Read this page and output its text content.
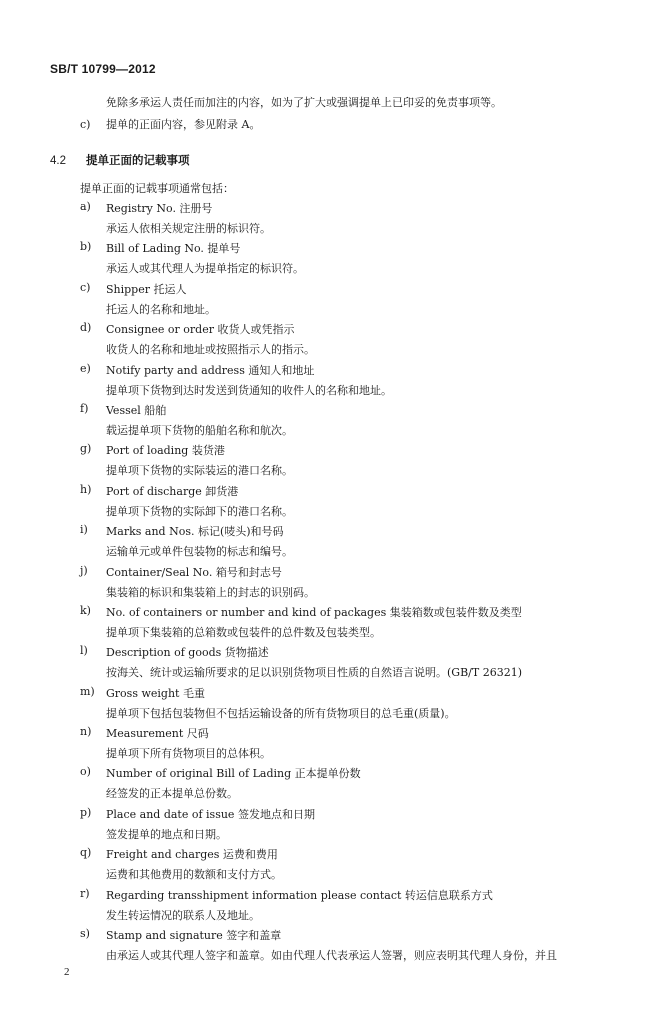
SB/T 10799—2012
免除多承运人责任而加注的内容，如为了扩大或强调提单上已印妥的免责事项等。
c) 提单的正面内容，参见附录 A。
4.2 提单正面的记载事项
提单正面的记载事项通常包括：
a) Registry No. 注册号
承运人依相关规定注册的标识符。
b) Bill of Lading No. 提单号
承运人或其代理人为提单指定的标识符。
c) Shipper 托运人
托运人的名称和地址。
d) Consignee or order 收货人或凭指示
收货人的名称和地址或按照指示人的指示。
e) Notify party and address 通知人和地址
提单项下货物到达时发送到货通知的收件人的名称和地址。
f) Vessel 船舶
载运提单项下货物的船舶名称和航次。
g) Port of loading 装货港
提单项下货物的实际装运的港口名称。
h) Port of discharge 卸货港
提单项下货物的实际卸下的港口名称。
i) Marks and Nos. 标记(唛头)和号码
运输单元或单件包装物的标志和编号。
j) Container/Seal No. 箱号和封志号
集装箱的标识和集装箱上的封志的识别码。
k) No. of containers or number and kind of packages 集装箱数或包装件数及类型
提单项下集装箱的总箱数或包装件的总件数及包装类型。
l) Description of goods 货物描述
按海关、统计或运输所要求的足以识别货物项目性质的自然语言说明。(GB/T 26321)
m) Gross weight 毛重
提单项下包括包装物但不包括运输设备的所有货物项目的总毛重(质量)。
n) Measurement 尺码
提单项下所有货物项目的总体积。
o) Number of original Bill of Lading 正本提单份数
经签发的正本提单总份数。
p) Place and date of issue 签发地点和日期
签发提单的地点和日期。
q) Freight and charges 运费和费用
运费和其他费用的数额和支付方式。
r) Regarding transshipment information please contact 转运信息联系方式
发生转运情况的联系人及地址。
s) Stamp and signature 签字和盖章
由承运人或其代理人签字和盖章。如由代理人代表承运人签署，则应表明其代理人身份，并且
2
